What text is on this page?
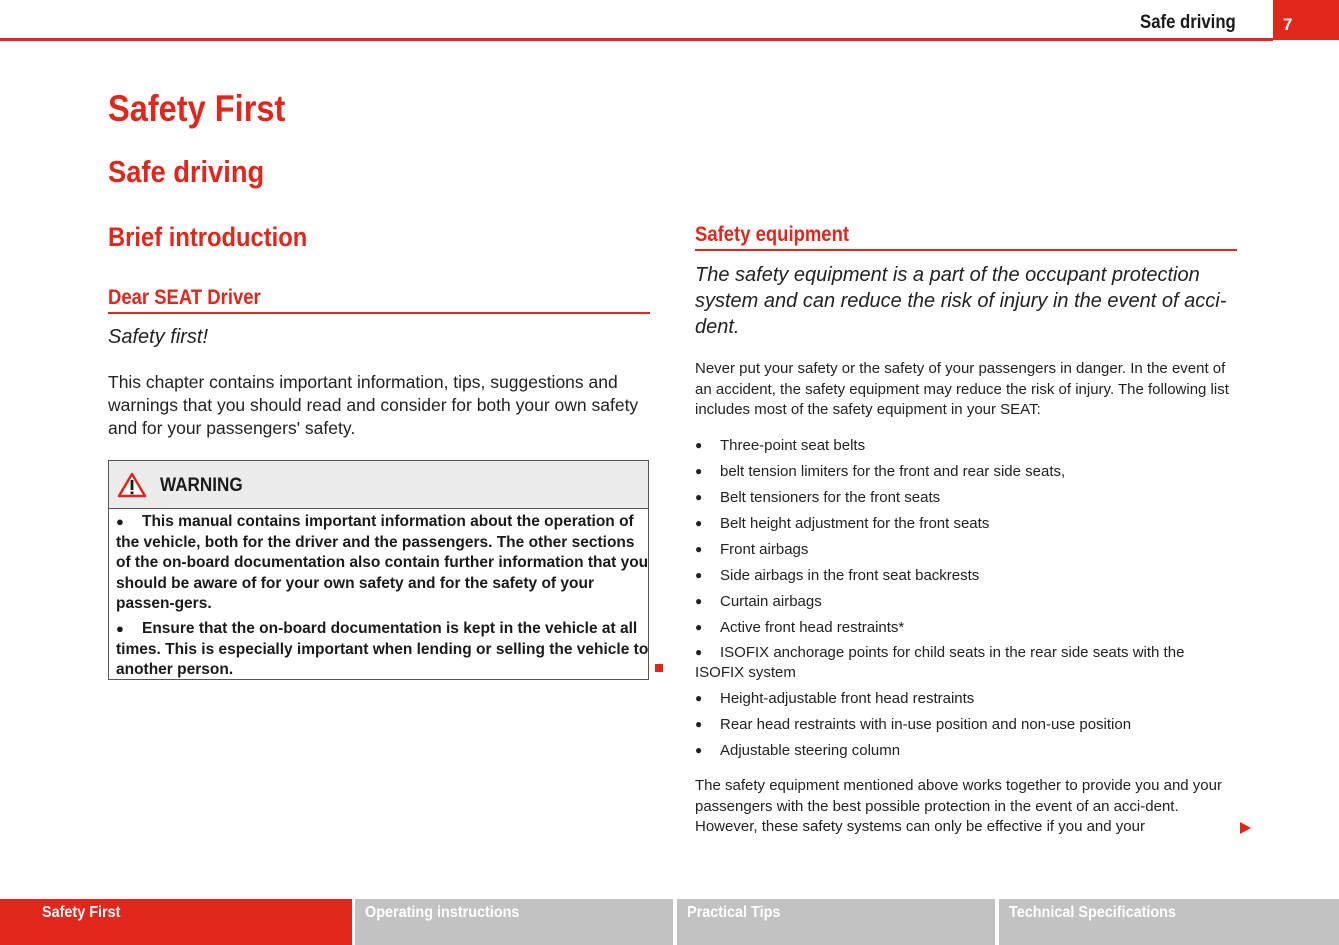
Safe driving	7
Safety First
Safe driving
Brief introduction
Dear SEAT Driver
Safety first!
This chapter contains important information, tips, suggestions and warnings that you should read and consider for both your own safety and for your passengers' safety.
WARNING
● This manual contains important information about the operation of the vehicle, both for the driver and the passengers. The other sections of the on-board documentation also contain further information that you should be aware of for your own safety and for the safety of your passen-gers.
● Ensure that the on-board documentation is kept in the vehicle at all times. This is especially important when lending or selling the vehicle to another person.
Safety equipment
The safety equipment is a part of the occupant protection system and can reduce the risk of injury in the event of acci-dent.
Never put your safety or the safety of your passengers in danger. In the event of an accident, the safety equipment may reduce the risk of injury. The following list includes most of the safety equipment in your SEAT:
● Three-point seat belts
● belt tension limiters for the front and rear side seats,
● Belt tensioners for the front seats
● Belt height adjustment for the front seats
● Front airbags
● Side airbags in the front seat backrests
● Curtain airbags
● Active front head restraints*
● ISOFIX anchorage points for child seats in the rear side seats with the ISOFIX system
● Height-adjustable front head restraints
● Rear head restraints with in-use position and non-use position
● Adjustable steering column
The safety equipment mentioned above works together to provide you and your passengers with the best possible protection in the event of an acci-dent. However, these safety systems can only be effective if you and your
Safety First	Operating instructions	Practical Tips	Technical Specifications
